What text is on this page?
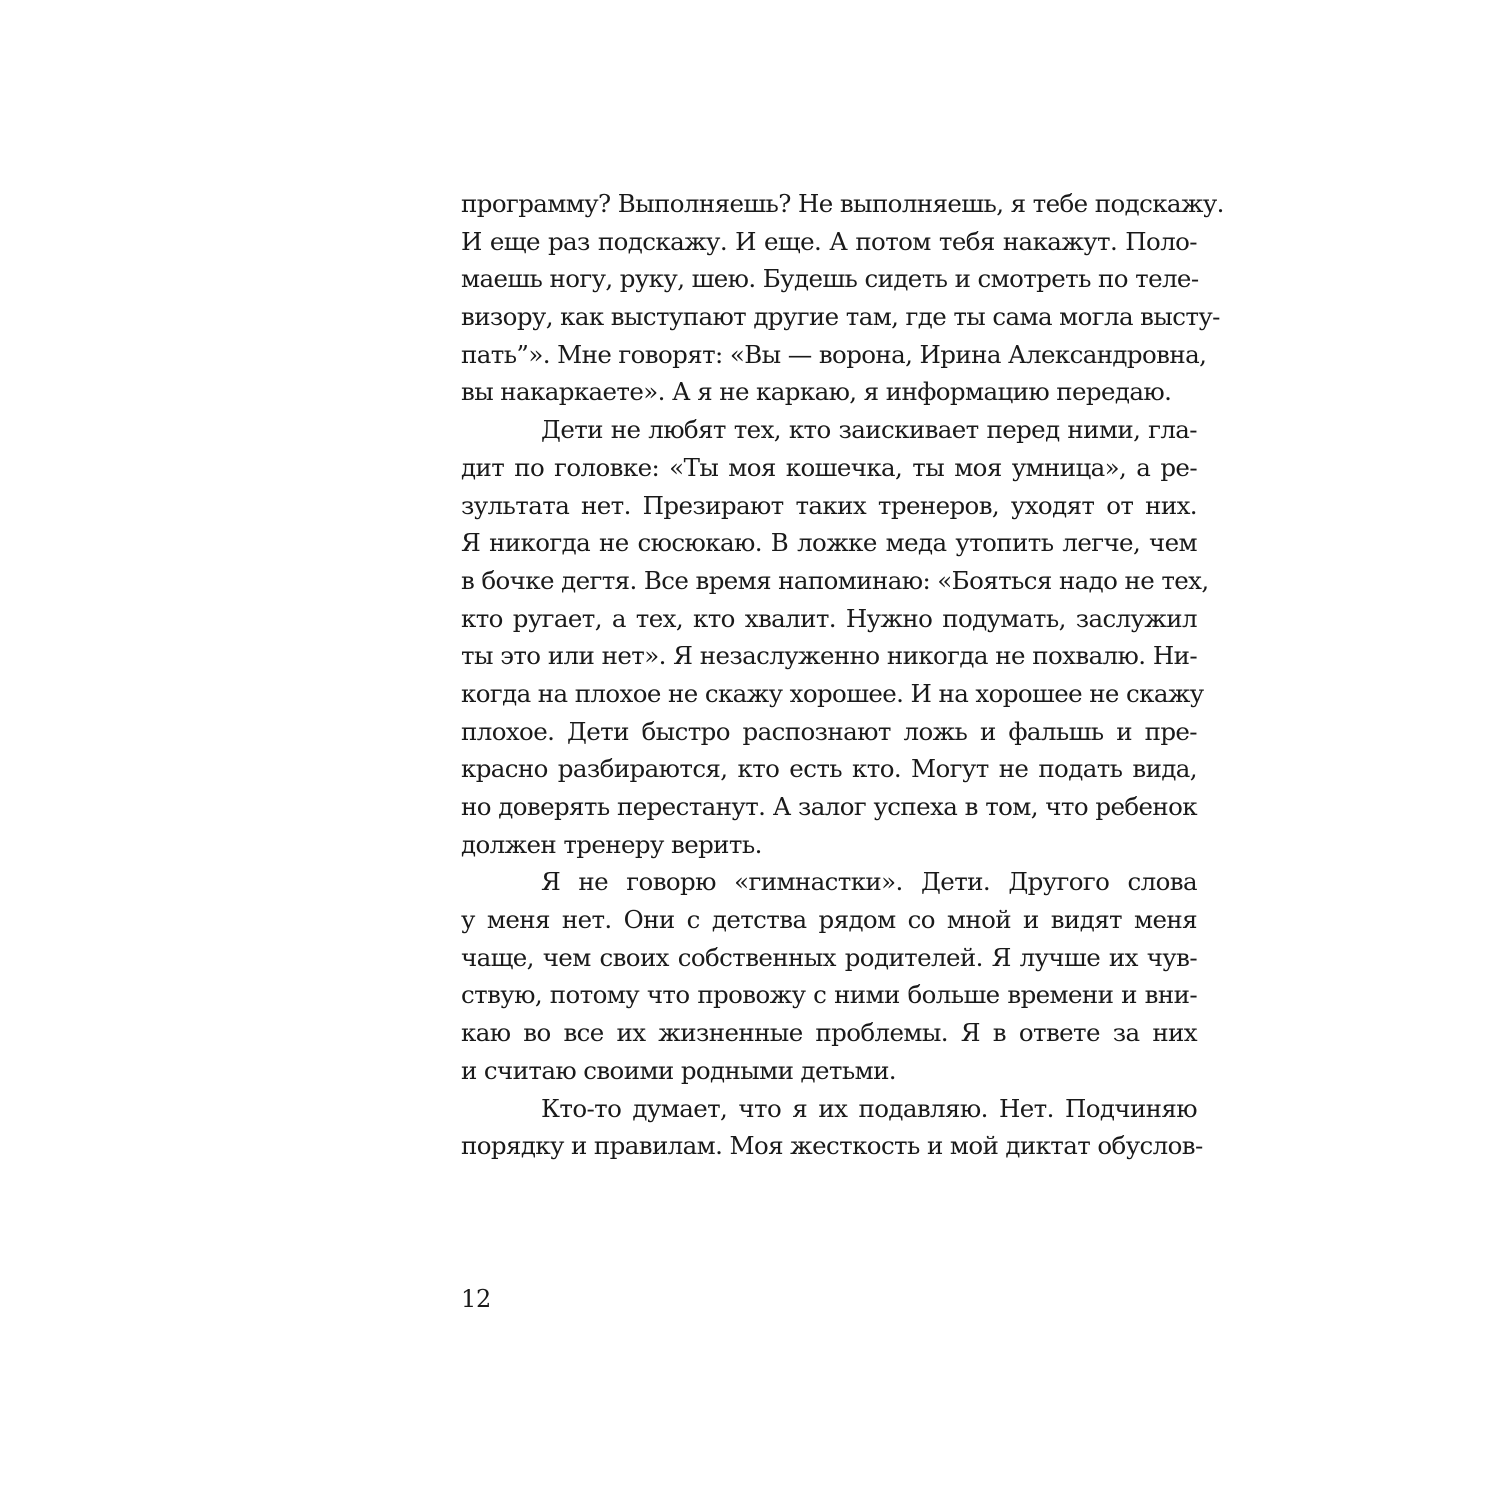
программу? Выполняешь? Не выполняешь, я тебе подскажу.
И еще раз подскажу. И еще. А потом тебя накажут. Поло-
маешь ногу, руку, шею. Будешь сидеть и смотреть по теле-
визору, как выступают другие там, где ты сама могла высту-
пать”». Мне говорят: «Вы — ворона, Ирина Александровна,
вы накаркаете». А я не каркаю, я информацию передаю.
Дети не любят тех, кто заискивает перед ними, гла-
дит по головке: «Ты моя кошечка, ты моя умница», а ре-
зультата нет. Презирают таких тренеров, уходят от них.
Я никогда не сюсюкаю. В ложке меда утопить легче, чем
в бочке дегтя. Все время напоминаю: «Бояться надо не тех,
кто ругает, а тех, кто хвалит. Нужно подумать, заслужил
ты это или нет». Я незаслуженно никогда не похвалю. Ни-
когда на плохое не скажу хорошее. И на хорошее не скажу
плохое. Дети быстро распознают ложь и фальшь и пре-
красно разбираются, кто есть кто. Могут не подать вида,
но доверять перестанут. А залог успеха в том, что ребенок
должен тренеру верить.
Я не говорю «гимнастки». Дети. Другого слова
у меня нет. Они с детства рядом со мной и видят меня
чаще, чем своих собственных родителей. Я лучше их чув-
ствую, потому что провожу с ними больше времени и вни-
каю во все их жизненные проблемы. Я в ответе за них
и считаю своими родными детьми.
Кто-то думает, что я их подавляю. Нет. Подчиняю
порядку и правилам. Моя жесткость и мой диктат обуслов-
12
